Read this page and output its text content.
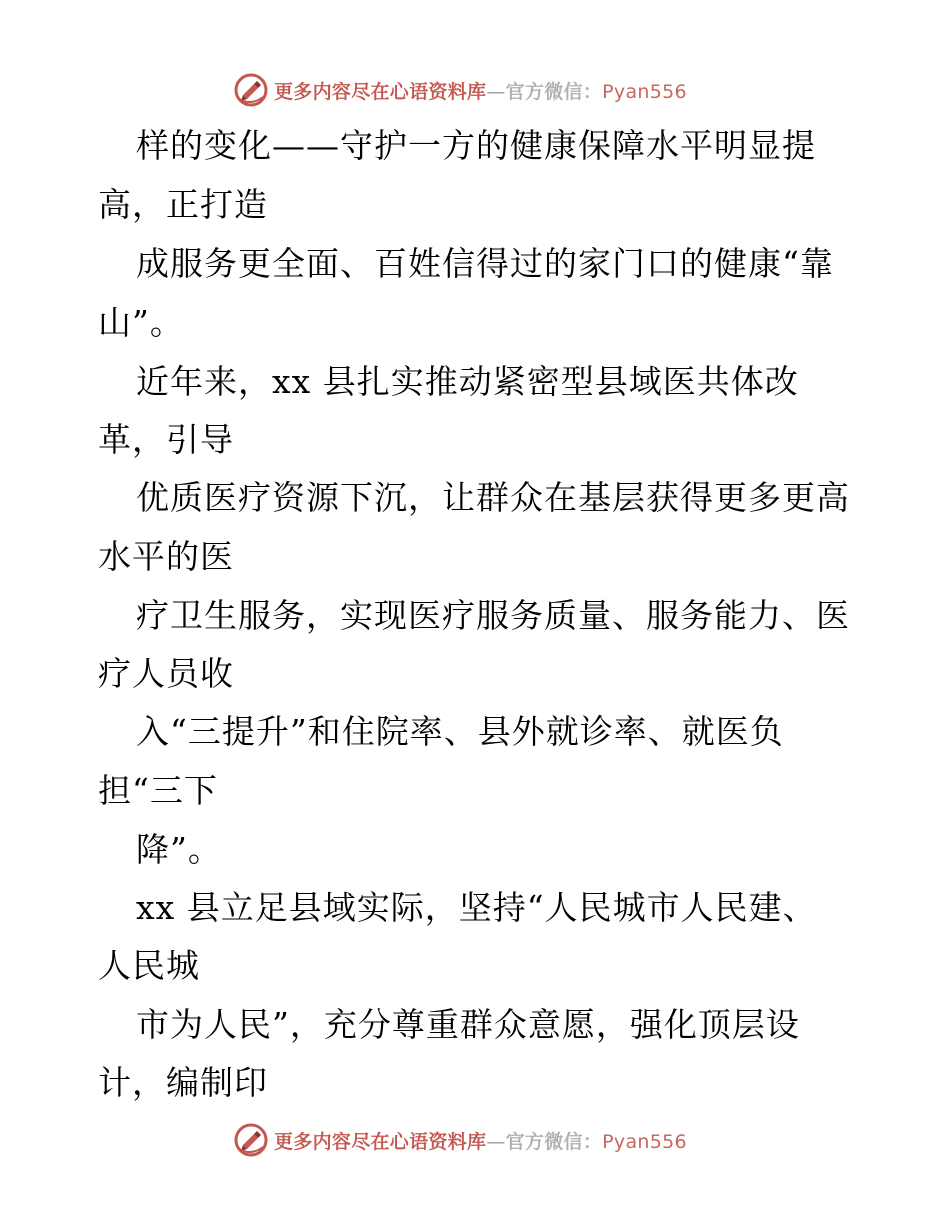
更多内容尽在心语资料库—官方微信：Pyan556
样的变化——守护一方的健康保障水平明显提
高，正打造
成服务更全面、百姓信得过的家门口的健康“靠
山”。
近年来，xx 县扎实推动紧密型县域医共体改
革，引导
优质医疗资源下沉，让群众在基层获得更多更高
水平的医
疗卫生服务，实现医疗服务质量、服务能力、医
疗人员收
入“三提升”和住院率、县外就诊率、就医负
担“三下
降”。
xx 县立足县域实际，坚持“人民城市人民建、
人民城
市为人民”，充分尊重群众意愿，强化顶层设
计，编制印
更多内容尽在心语资料库—官方微信：Pyan556
